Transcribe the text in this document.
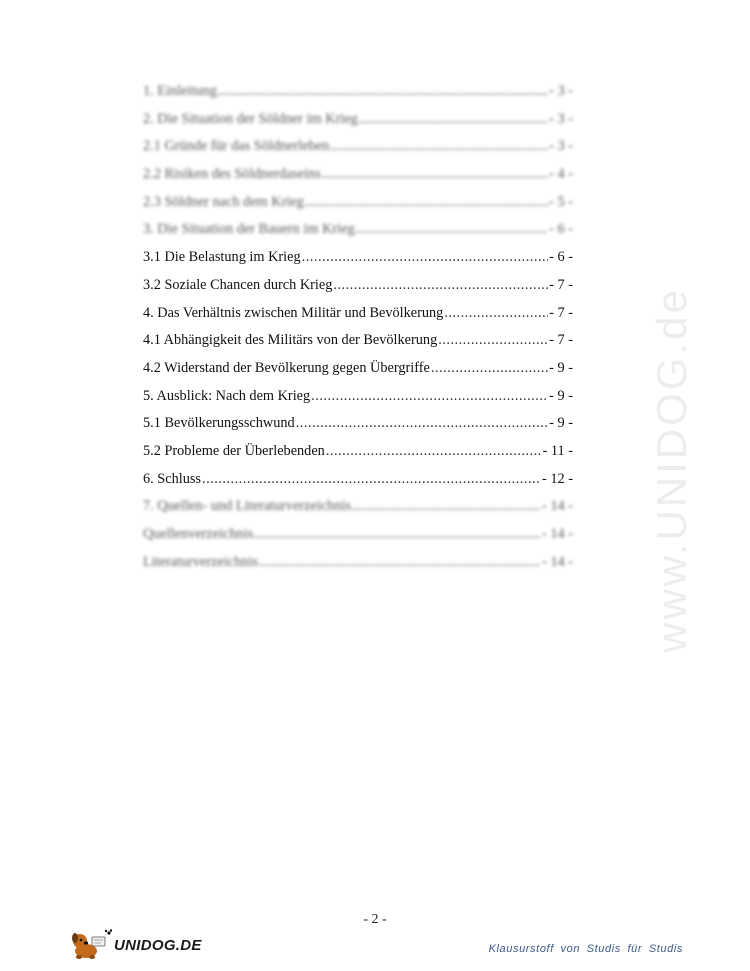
1. Einleitung .....	- 3 -
2. Die Situation der Söldner im Krieg .....	- 3 -
2.1 Gründe für das Söldnerleben .....	- 3 -
2.2 Risiken des Söldnerdaseins .....	- 4 -
2.3 Söldner nach dem Krieg .....	- 5 -
3. Die Situation der Bauern im Krieg .....	- 6 -
3.1 Die Belastung im Krieg .....	- 6 -
3.2 Soziale Chancen durch Krieg .....	- 7 -
4. Das Verhältnis zwischen Militär und Bevölkerung .....	- 7 -
4.1 Abhängigkeit des Militärs von der Bevölkerung .....	- 7 -
4.2 Widerstand der Bevölkerung gegen Übergriffe .....	- 9 -
5. Ausblick: Nach dem Krieg .....	- 9 -
5.1 Bevölkerungsschwund .....	- 9 -
5.2 Probleme der Überlebenden .....	- 11 -
6. Schluss .....	- 12 -
7. Quellen- und Literaturverzeichnis .....	- 14 -
Quellenverzeichnis .....	- 14 -
Literaturverzeichnis .....	- 14 - www.UNIDOG.de
- 2 -
UNIDOG.DE	Klausurstoff von Studis für Studis
